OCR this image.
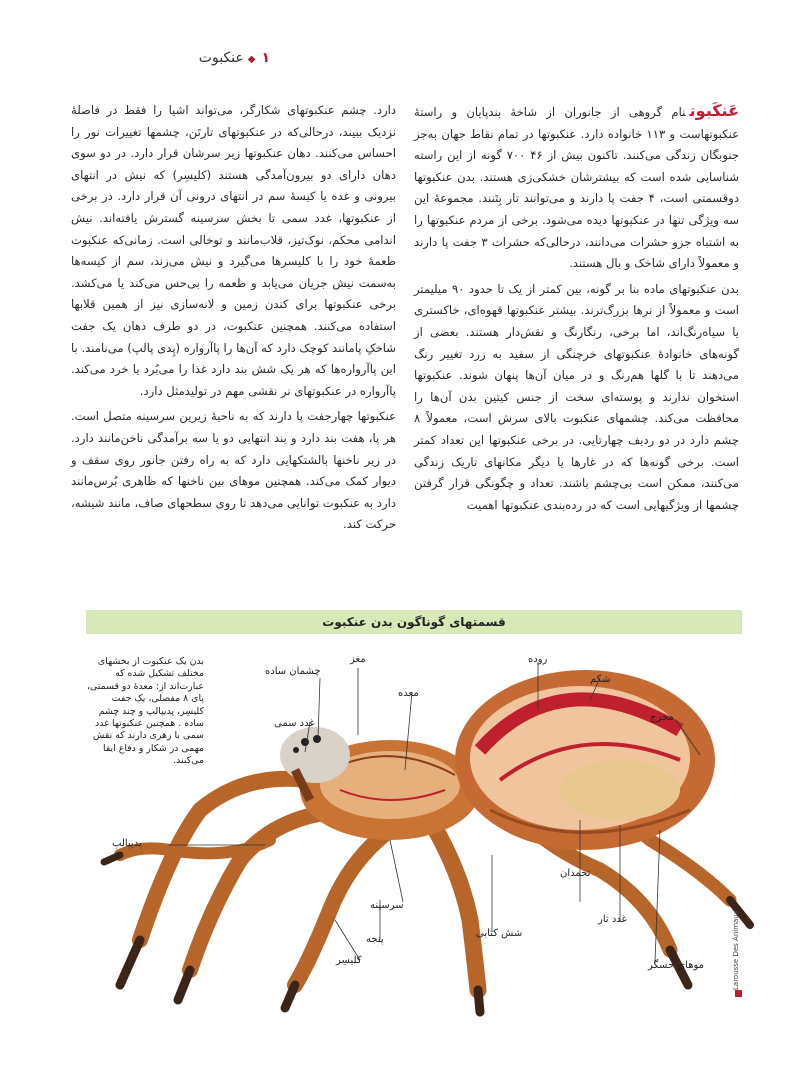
۱◆عنکبوت

عَنکَبوتنام گروهی از جانوران از شاخهٔ بندپایان و راستهٔ عنکبوتهاست و ۱۱۳ خانواده دارد. عنکبوتها در تمام نقاط جهان به‌جز جنوبگان زندگی می‌کنند. تاکنون بیش از ۴۶ ۷۰۰ گونه از این راسته شناسایی شده است که بیشترشان خشکی‌زی هستند. بدن عنکبوتها دوقسمتی است، ۴ جفت پا دارند و می‌توانند تار بِتَنند. مجموعهٔ این سه ویژگی تنها در عنکبوتها دیده می‌شود. برخی از مردم عنکبوتها را به اشتباه جزو حشرات می‌دانند، درحالی‌که حشرات ۳ جفت پا دارند و معمولاً دارای شاخک و بال هستند.

بدن عنکبوتهای ماده بنا بر گونه، بین کمتر از یک تا حدود ۹۰ میلیمتر است و معمولاً از نرها بزرگ‌ترند. بیشتر عنکبوتها قهوه‌ای، خاکستری یا سیاه‌رنگ‌اند، اما برخی، رنگارنگ و نقش‌دار هستند. بعضی از گونه‌های خانوادهٔ عنکبوتهای خرچنگی از سفید به زرد تغییر رنگ می‌دهند تا با گلها هم‌رنگ و در میان آن‌ها پنهان شوند. عنکبوتها استخوان ندارند و پوسته‌ای سخت از جنس کیتین بدن آن‌ها را محافظت می‌کند. چشمهای عنکبوت بالای سرش است، معمولاً ۸ چشم دارد در دو ردیف چهارتایی. در برخی عنکبوتها این تعداد کمتر است. برخی گونه‌ها که در غارها یا دیگر مکانهای تاریک زندگی می‌کنند، ممکن است بی‌چشم باشند. تعداد و چگونگی قرار گرفتن چشمها از ویژگیهایی است که در رده‌بندی عنکبوتها اهمیت

دارد. چشم عنکبوتهای شکارگر، می‌تواند اشیا را فقط در فاصلهٔ نزدیک ببیند، درحالی‌که در عنکبوتهای تارتَن، چشمها تغییرات نور را احساس می‌کنند. دهان عنکبوتها زیر سرشان قرار دارد. در دو سوی دهان دارای دو بیرون‌آمدگی هستند (کلیسِر) که نیش در انتهای بیرونی و غده یا کیسهٔ سم در انتهای درونی آن قرار دارد. در برخی از عنکبوتها، غدد سمی تا بخش سرسینه گسترش یافته‌اند. نیش اندامی محکم، نوک‌تیز، قلاب‌مانند و توخالی است. زمانی‌که عنکبوت طعمهٔ خود را با کلیسرها می‌گیرد و نیش می‌زند، سم از کیسه‌ها به‌سمت نیش جریان می‌یابد و طعمه را بی‌حس می‌کند یا می‌کشد. برخی عنکبوتها برای کندن زمین و لانه‌سازی نیز از همین قلابها استفاده می‌کنند. همچنین عنکبوت، در دو طرف دهان یک جفت شاخکِ پامانند کوچک دارد که آن‌ها را پاآرواره (پِدی پالپ) می‌نامند. با این پاآرواره‌ها که هر یک شش بند دارد غذا را می‌بُرد یا خرد می‌کند. پاآرواره در عنکبوتهای نر نقشی مهم در تولیدمثل دارد.

عنکبوتها چهارجفت پا دارند که به ناحیهٔ زیرین سرسینه متصل است. هر پا، هفت بند دارد و بند انتهایی دو یا سه برآمدگی ناخن‌مانند دارد. در زیر ناخنها بالشتکهایی دارد که به راه رفتن جانور روی سقف و دیوار کمک می‌کند. همچنین موهای بین ناخنها که ظاهری بُرس‌مانند دارد به عنکبوت توانایی می‌دهد تا روی سطحهای صاف، مانند شیشه، حرکت کند.

قسمتهای گوناگون بدن عنکبوت
بدن یک عنکبوت از بخشهای مختلف تشکیل شده که عبارت‌اند از: معدهٔ دو قسمتی، پای ۸ مفصلی، یک جفت کلیسِر، پدیپالپ و چند چشم ساده . همچنین عنکبوتها غدد سمی با زهری دارند که نقش مهمی در شکار و دفاع ایفا می‌کنند.
مغز
چشمان ساده
غدد سمی
معده
روده
شکم
مخرج
پدیپالپ
سرسینه
پنجه
کلیسِر
شش کتابی
تخمدان
غدد تار
موهای حسگر	Larousse Des Animaux
